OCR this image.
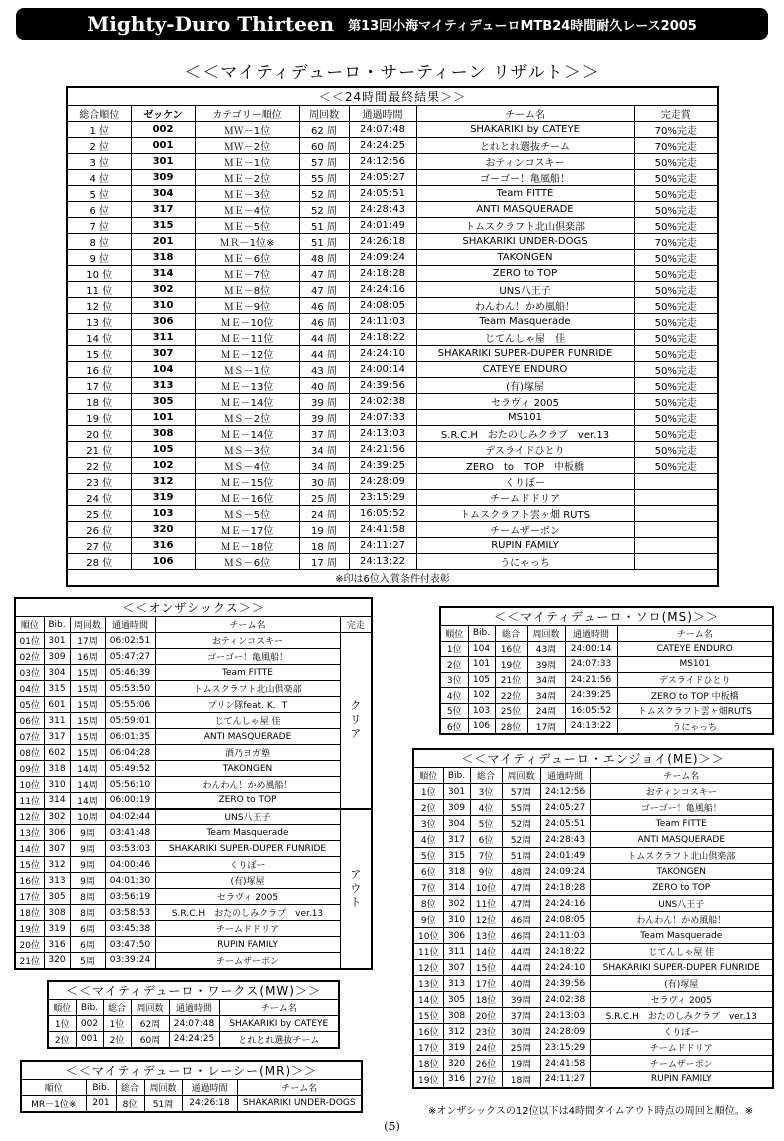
Mighty-Duro Thirteen 第13回小海マイティデューロMTB24時間耐久レース2005
＜＜マイティデューロ・サーティーン リザルト＞＞
＜＜24時間最終結果＞＞						
総合順位	ゼッケン	カテゴリー順位	周回数	通過時間	チーム名	完走賞
1 位	002	ＭＷ－1位	62 周	24:07:48	SHAKARIKI by CATEYE	70%完走
2 位	001	ＭＷ－2位	60 周	24:24:25	とれとれ選抜チーム	70%完走
3 位	301	ＭＥ－1位	57 周	24:12:56	おティンコスキー	50%完走
4 位	309	ＭＥ－2位	55 周	24:05:27	ゴーゴー！亀風船！	50%完走
5 位	304	ＭＥ－3位	52 周	24:05:51	Team FITTE	50%完走
6 位	317	ＭＥ－4位	52 周	24:28:43	ANTI MASQUERADE	50%完走
7 位	315	ＭＥ－5位	51 周	24:01:49	トムスクラフト北山倶楽部	50%完走
8 位	201	ＭＲ－1位※	51 周	24:26:18	SHAKARIKI UNDER-DOGS	70%完走
9 位	318	ＭＥ－6位	48 周	24:09:24	TAKONGEN	50%完走
10 位	314	ＭＥ－7位	47 周	24:18:28	ZERO to TOP	50%完走
11 位	302	ＭＥ－8位	47 周	24:24:16	UNS八王子	50%完走
12 位	310	ＭＥ－9位	46 周	24:08:05	わんわん！かめ風船！	50%完走
13 位	306	ＭＥ－10位	46 周	24:11:03	Team Masquerade	50%完走
14 位	311	ＭＥ－11位	44 周	24:18:22	じてんしゃ屋　佳	50%完走
15 位	307	ＭＥ－12位	44 周	24:24:10	SHAKARIKI SUPER-DUPER FUNRIDE	50%完走
16 位	104	ＭＳ－1位	43 周	24:00:14	CATEYE ENDURO	50%完走
17 位	313	ＭＥ－13位	40 周	24:39:56	(有)塚屋	50%完走
18 位	305	ＭＥ－14位	39 周	24:02:38	セラヴィ 2005	50%完走
19 位	101	ＭＳ－2位	39 周	24:07:33	MS101	50%完走
20 位	308	ＭＥ－14位	37 周	24:13:03	S.R.C.H　おたのしみクラブ　ver.13	50%完走
21 位	105	ＭＳ－3位	34 周	24:21:56	デスライドひとり	50%完走
22 位	102	ＭＳ－4位	34 周	24:39:25	ZERO　to　TOP　中板橋	50%完走
23 位	312	ＭＥ－15位	30 周	24:28:09	くりぼー	
24 位	319	ＭＥ－16位	25 周	23:15:29	チームドドリア	
25 位	103	ＭＳ－5位	24 周	16:05:52	トムスクラフト雲ヶ畑 RUTS	
26 位	320	ＭＥ－17位	19 周	24:41:58	チームザーボン	
27 位	316	ＭＥ－18位	18 周	24:11:27	RUPIN FAMILY	
28 位	106	ＭＳ－6位	17 周	24:13:22	うにゃっち	
※印は6位入賞条件付表彰						
＜＜オンザシックス＞＞					
順位	Bib.	周回数	通過時間	チーム名	完走
01位	301	17周	06:02:51	おティンコスキー	クリア
02位	309	16周	05:47:27	ゴーゴー！亀風船！	
03位	304	15周	05:46:39	Team FITTE	
04位	315	15周	05:53:50	トムスクラフト北山倶楽部	
05位	601	15周	05:55:06	プリン隊feat. K．T	
06位	311	15周	05:59:01	じてんしゃ屋 佳	
07位	317	15周	06:01:35	ANTI MASQUERADE	
08位	602	15周	06:04:28	酒乃ヨガ塾	
09位	318	14周	05:49:52	TAKONGEN	
10位	310	14周	05:56:10	わんわん！かめ風船！	
11位	314	14周	06:00:19	ZERO to TOP	
12位	302	10周	04:02:44	UNS八王子	アウト
13位	306	9周	03:41:48	Team Masquerade	
14位	307	9周	03:53:03	SHAKARIKI SUPER-DUPER FUNRIDE	
15位	312	9周	04:00:46	くりぼー	
16位	313	9周	04:01:30	(有)塚屋	
17位	305	8周	03:56:19	セラヴィ 2005	
18位	308	8周	03:58:53	S.R.C.H　おたのしみクラブ　ver.13	
19位	319	6周	03:45:38	チームドドリア	
20位	316	6周	03:47:50	RUPIN FAMILY	
21位	320	5周	03:39:24	チームザーボン	
＜＜マイティデューロ・ソロ(MS)＞＞					
順位	Bib.	総合	周回数	通過時間	チーム名
1位	104	16位	43周	24:00:14	CATEYE ENDURO
2位	101	19位	39周	24:07:33	MS101
3位	105	21位	34周	24:21:56	デスライドひとり
4位	102	22位	34周	24:39:25	ZERO to TOP 中板橋
5位	103	25位	24周	16:05:52	トムスクラフト雲ヶ畑RUTS
6位	106	28位	17周	24:13:22	うにゃっち
＜＜マイティデューロ・エンジョイ(ME)＞＞					
順位	Bib.	総合	周回数	通過時間	チーム名
1位	301	3位	57周	24:12:56	おティンコスキー
2位	309	4位	55周	24:05:27	ゴーゴー！亀風船！
3位	304	5位	52周	24:05:51	Team FITTE
4位	317	6位	52周	24:28:43	ANTI MASQUERADE
5位	315	7位	51周	24:01:49	トムスクラフト北山倶楽部
6位	318	9位	48周	24:09:24	TAKONGEN
7位	314	10位	47周	24:18:28	ZERO to TOP
8位	302	11位	47周	24:24:16	UNS八王子
9位	310	12位	46周	24:08:05	わんわん！かめ風船！
10位	306	13位	46周	24:11:03	Team Masquerade
11位	311	14位	44周	24:18:22	じてんしゃ屋 佳
12位	307	15位	44周	24:24:10	SHAKARIKI SUPER-DUPER FUNRIDE
13位	313	17位	40周	24:39:56	(有)塚屋
14位	305	18位	39周	24:02:38	セラヴィ 2005
15位	308	20位	37周	24:13:03	S.R.C.H　おたのしみクラブ　ver.13
16位	312	23位	30周	24:28:09	くりぼー
17位	319	24位	25周	23:15:29	チームドドリア
18位	320	26位	19周	24:41:58	チームザーボン
19位	316	27位	18周	24:11:27	RUPIN FAMILY
＜＜マイティデューロ・ワークス(MW)＞＞					
順位	Bib.	総合	周回数	通過時間	チーム名
1位	002	1位	62周	24:07:48	SHAKARIKI by CATEYE
2位	001	2位	60周	24:24:25	とれとれ選抜チーム
＜＜マイティデューロ・レーシー(MR)＞＞					
順位	Bib.	総合	周回数	通過時間	チーム名
MR－1位※	201	8位	51周	24:26:18	SHAKARIKI UNDER-DOGS
※オンザシックスの12位以下は4時間タイムアウト時点の周回と順位。※
(5)
